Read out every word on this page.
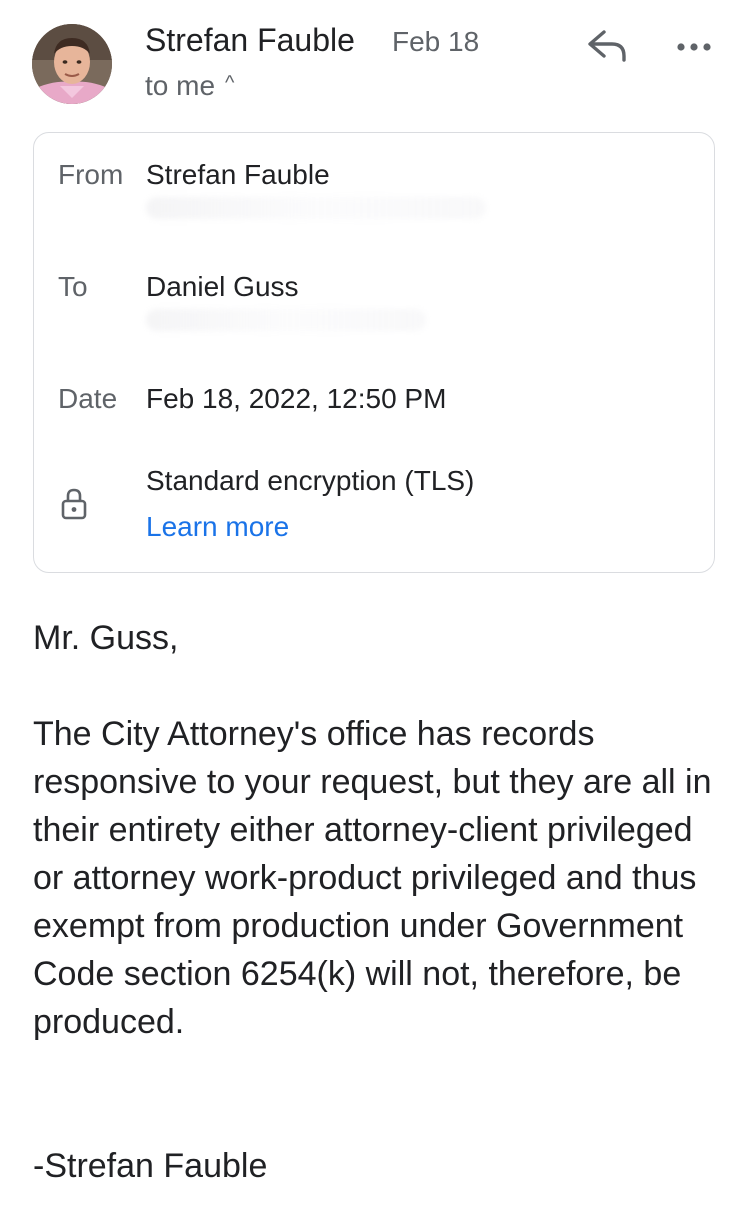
Strefan Fauble Feb 18
to me ^
From Strefan Fauble
To Daniel Guss
Date Feb 18, 2022, 12:50 PM
Standard encryption (TLS)
Learn more
Mr. Guss,
The City Attorney's office has records responsive to your request, but they are all in their entirety either attorney-client privileged or attorney work-product privileged and thus exempt from production under Government Code section 6254(k) will not, therefore, be produced.
-Strefan Fauble
